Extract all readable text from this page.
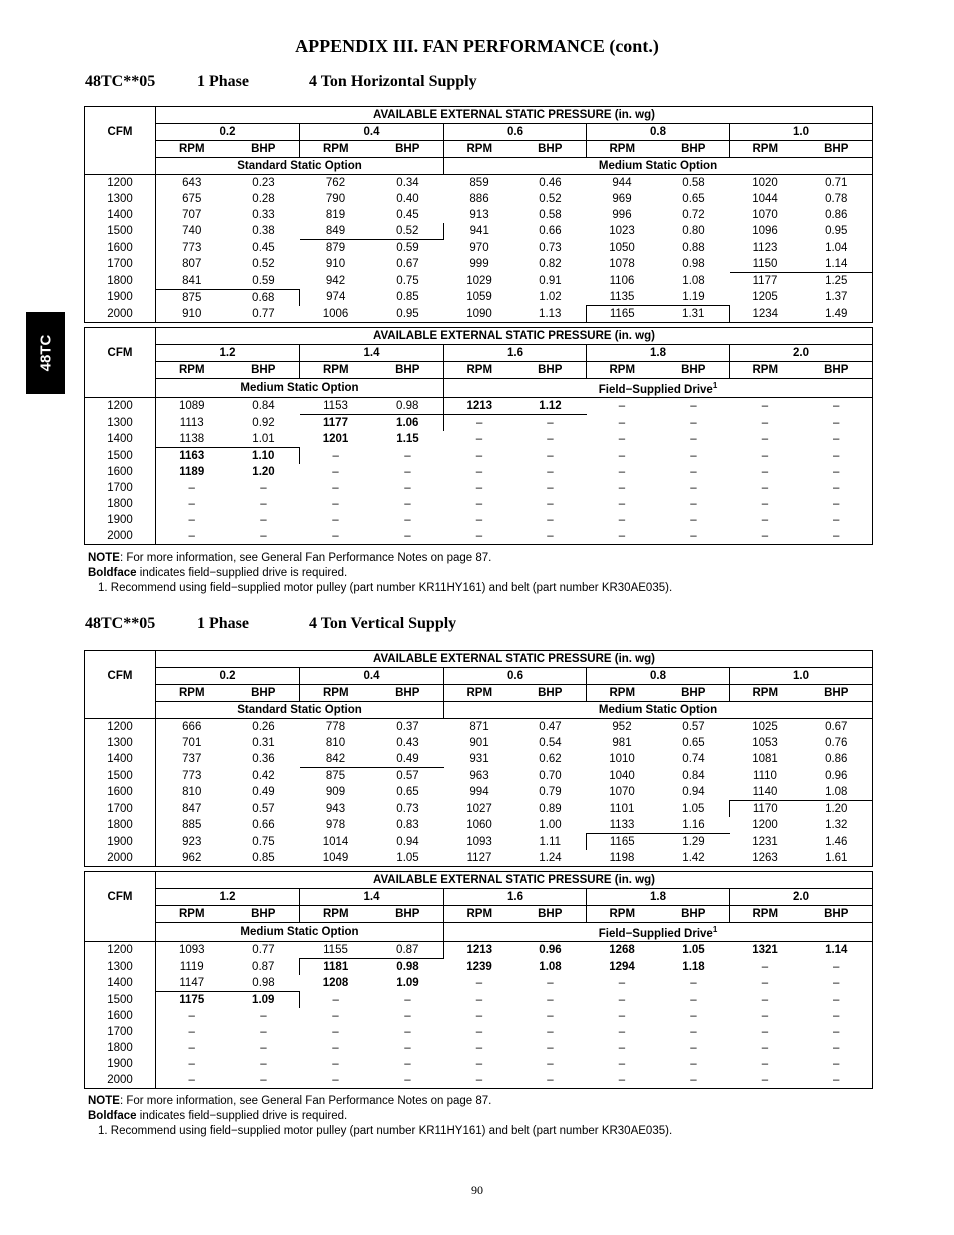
APPENDIX III. FAN PERFORMANCE (cont.)
48TC
48TC**05	1 Phase	4 Ton Horizontal Supply
CFM	AVAILABLE EXTERNAL STATIC PRESSURE (in. wg)									
	0.2		0.4		0.6		0.8		1.0	
	RPM	BHP	RPM	BHP	RPM	BHP	RPM	BHP	RPM	BHP
	Standard Static Option				Medium Static Option					
1200	643	0.23	762	0.34	859	0.46	944	0.58	1020	0.71
1300	675	0.28	790	0.40	886	0.52	969	0.65	1044	0.78
1400	707	0.33	819	0.45	913	0.58	996	0.72	1070	0.86
1500	740	0.38	849	0.52	941	0.66	1023	0.80	1096	0.95
1600	773	0.45	879	0.59	970	0.73	1050	0.88	1123	1.04
1700	807	0.52	910	0.67	999	0.82	1078	0.98	1150	1.14
1800	841	0.59	942	0.75	1029	0.91	1106	1.08	1177	1.25
1900	875	0.68	974	0.85	1059	1.02	1135	1.19	1205	1.37
2000	910	0.77	1006	0.95	1090	1.13	1165	1.31	1234	1.49
CFM	AVAILABLE EXTERNAL STATIC PRESSURE (in. wg)									
	1.2		1.4		1.6		1.8		2.0	
	RPM	BHP	RPM	BHP	RPM	BHP	RPM	BHP	RPM	BHP
	Medium Static Option				Field−Supplied Drive$^1$
1200	1089	0.84	1153	0.98	1213	1.12	–	–	–	–
1300	1113	0.92	1177	1.06	–	–	–	–	–	–
1400	1138	1.01	1201	1.15	–	–	–	–	–	–
1500	1163	1.10	–	–	–	–	–	–	–	–
1600	1189	1.20	–	–	–	–	–	–	–	–
1700	–	–	–	–	–	–	–	–	–	–
1800	–	–	–	–	–	–	–	–	–	–
1900	–	–	–	–	–	–	–	–	–	–
2000	–	–	–	–	–	–	–	–	–	–
NOTE: For more information, see General Fan Performance Notes on page 87.
Boldface indicates field−supplied drive is required.
1. Recommend using field−supplied motor pulley (part number KR11HY161) and belt (part number KR30AE035).
48TC**05	1 Phase	4 Ton Vertical Supply
CFM	AVAILABLE EXTERNAL STATIC PRESSURE (in. wg)									
	0.2		0.4		0.6		0.8		1.0	
	RPM	BHP	RPM	BHP	RPM	BHP	RPM	BHP	RPM	BHP
	Standard Static Option				Medium Static Option					
1200	666	0.26	778	0.37	871	0.47	952	0.57	1025	0.67
1300	701	0.31	810	0.43	901	0.54	981	0.65	1053	0.76
1400	737	0.36	842	0.49	931	0.62	1010	0.74	1081	0.86
1500	773	0.42	875	0.57	963	0.70	1040	0.84	1110	0.96
1600	810	0.49	909	0.65	994	0.79	1070	0.94	1140	1.08
1700	847	0.57	943	0.73	1027	0.89	1101	1.05	1170	1.20
1800	885	0.66	978	0.83	1060	1.00	1133	1.16	1200	1.32
1900	923	0.75	1014	0.94	1093	1.11	1165	1.29	1231	1.46
2000	962	0.85	1049	1.05	1127	1.24	1198	1.42	1263	1.61
CFM	AVAILABLE EXTERNAL STATIC PRESSURE (in. wg)									
	1.2		1.4		1.6		1.8		2.0	
	RPM	BHP	RPM	BHP	RPM	BHP	RPM	BHP	RPM	BHP
	Medium Static Option				Field−Supplied Drive$^1$
1200	1093	0.77	1155	0.87	1213	0.96	1268	1.05	1321	1.14
1300	1119	0.87	1181	0.98	1239	1.08	1294	1.18	–	–
1400	1147	0.98	1208	1.09	–	–	–	–	–	–
1500	1175	1.09	–	–	–	–	–	–	–	–
1600	–	–	–	–	–	–	–	–	–	–
1700	–	–	–	–	–	–	–	–	–	–
1800	–	–	–	–	–	–	–	–	–	–
1900	–	–	–	–	–	–	–	–	–	–
2000	–	–	–	–	–	–	–	–	–	–
NOTE: For more information, see General Fan Performance Notes on page 87.
Boldface indicates field−supplied drive is required.
1. Recommend using field−supplied motor pulley (part number KR11HY161) and belt (part number KR30AE035).
90
